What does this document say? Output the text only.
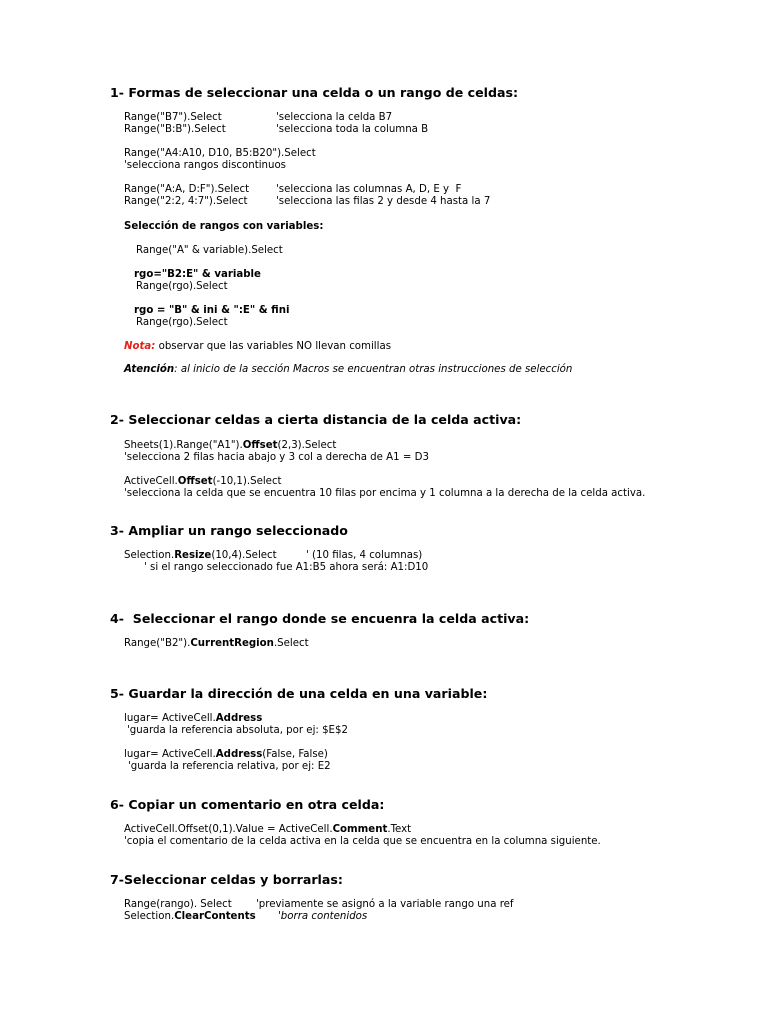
1- Formas de seleccionar una celda o un rango de celdas:
Range("B7").Select	'selecciona la celda B7
Range("B:B").Select	'selecciona toda la columna B
Range("A4:A10, D10, B5:B20").Select
'selecciona rangos discontinuos
Range("A:A, D:F").Select	'selecciona las columnas A, D, E y  F
Range("2:2, 4:7").Select	'selecciona las filas 2 y desde 4 hasta la 7
Selección de rangos con variables:
Range("A" & variable).Select
rgo="B2:E" & variable
Range(rgo).Select
rgo = "B" & ini & ":E" & fini
Range(rgo).Select
Nota: observar que las variables NO llevan comillas
Atención: al inicio de la sección Macros se encuentran otras instrucciones de selección
2- Seleccionar celdas a cierta distancia de la celda activa:
Sheets(1).Range("A1").Offset(2,3).Select
'selecciona 2 filas hacia abajo y 3 col a derecha de A1 = D3
ActiveCell.Offset(-10,1).Select
'selecciona la celda que se encuentra 10 filas por encima y 1 columna a la derecha de la celda activa.
3- Ampliar un rango seleccionado
Selection.Resize(10,4).Select	' (10 filas, 4 columnas)
' si el rango seleccionado fue A1:B5 ahora será: A1:D10
4-  Seleccionar el rango donde se encuenra la celda activa:
Range("B2").CurrentRegion.Select
5- Guardar la dirección de una celda en una variable:
lugar= ActiveCell.Address
'guarda la referencia absoluta, por ej: $E$2
lugar= ActiveCell.Address(False, False)
'guarda la referencia relativa, por ej: E2
6- Copiar un comentario en otra celda:
ActiveCell.Offset(0,1).Value = ActiveCell.Comment.Text
'copia el comentario de la celda activa en la celda que se encuentra en la columna siguiente.
7-Seleccionar celdas y borrarlas:
Range(rango). Select 'previamente se asignó a la variable rango una ref
Selection.ClearContents 'borra contenidos
